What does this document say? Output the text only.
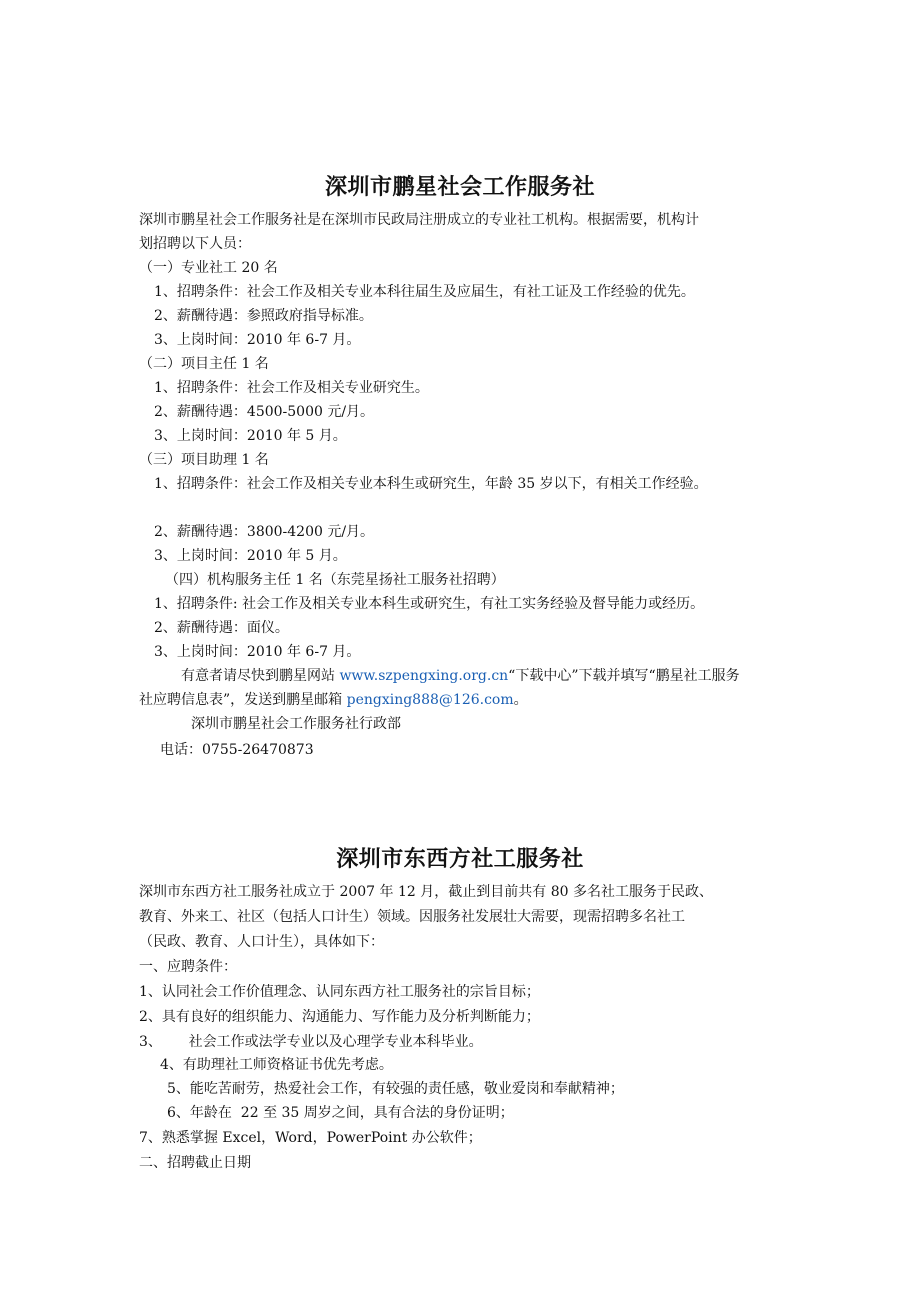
深圳市鹏星社会工作服务社
深圳市鹏星社会工作服务社是在深圳市民政局注册成立的专业社工机构。根据需要，机构计
划招聘以下人员：
（一）专业社工 20 名
1、招聘条件：社会工作及相关专业本科往届生及应届生，有社工证及工作经验的优先。
2、薪酬待遇：参照政府指导标准。
3、上岗时间：2010 年 6-7 月。
（二）项目主任 1 名
1、招聘条件：社会工作及相关专业研究生。
2、薪酬待遇：4500-5000 元/月。
3、上岗时间：2010 年 5 月。
（三）项目助理 1 名
1、招聘条件：社会工作及相关专业本科生或研究生，年龄 35 岁以下，有相关工作经验。
2、薪酬待遇：3800-4200 元/月。
3、上岗时间：2010 年 5 月。
（四）机构服务主任 1 名（东莞星扬社工服务社招聘）
1、招聘条件: 社会工作及相关专业本科生或研究生，有社工实务经验及督导能力或经历。
2、薪酬待遇：面仪。
3、上岗时间：2010 年 6-7 月。
有意者请尽快到鹏星网站 www.szpengxing.org.cn“下载中心”下载并填写“鹏星社工服务
社应聘信息表”，发送到鹏星邮箱 pengxing888@126.com。
深圳市鹏星社会工作服务社行政部
电话：0755-26470873
深圳市东西方社工服务社
深圳市东西方社工服务社成立于 2007 年 12 月，截止到目前共有 80 多名社工服务于民政、
教育、外来工、社区（包括人口计生）领域。因服务社发展壮大需要，现需招聘多名社工
（民政、教育、人口计生），具体如下：
一、应聘条件：
1、认同社会工作价值理念、认同东西方社工服务社的宗旨目标；
2、具有良好的组织能力、沟通能力、写作能力及分析判断能力；
3、      社会工作或法学专业以及心理学专业本科毕业。
4、有助理社工师资格证书优先考虑。
5、能吃苦耐劳，热爱社会工作，有较强的责任感，敬业爱岗和奉献精神；
6、年龄在  22 至 35 周岁之间，具有合法的身份证明；
7、熟悉掌握 Excel，Word，PowerPoint 办公软件；
二、招聘截止日期
